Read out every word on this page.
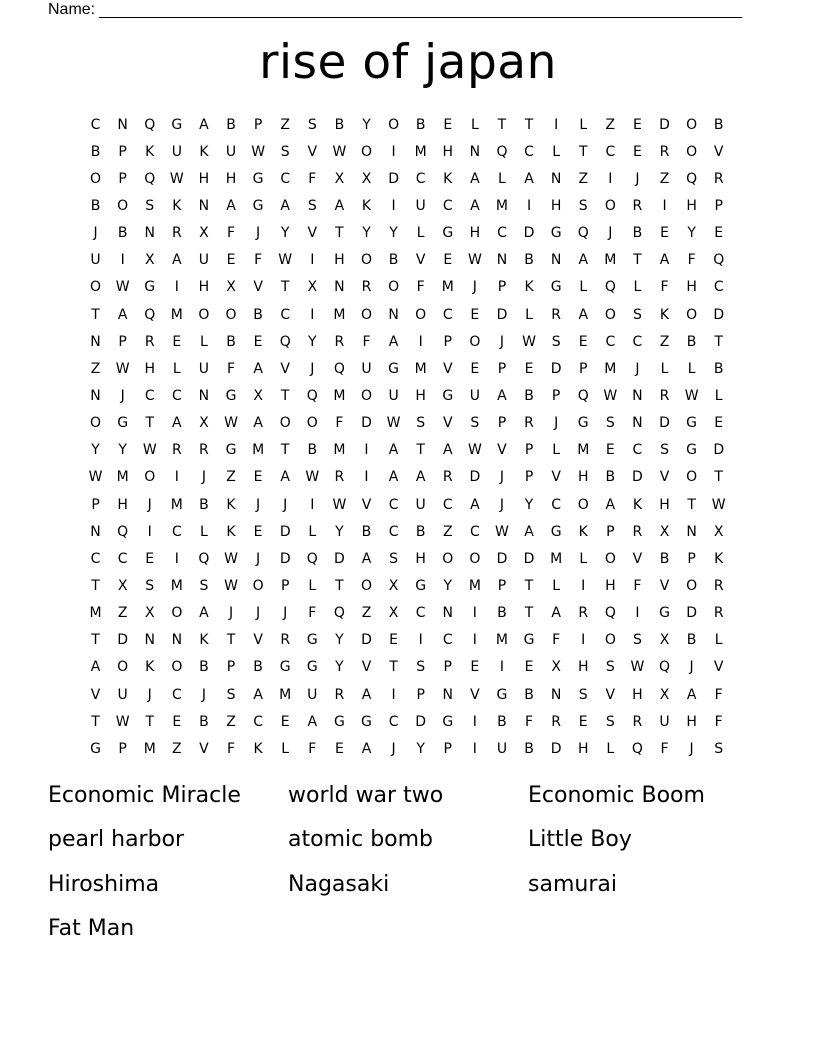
Name:
rise of japan
C	N	Q	G	A	B	P	Z	S	B	Y	O	B	E	L	T	T	I	L	Z	E	D	O	B
B	P	K	U	K	U	W	S	V	W	O	I	M	H	N	Q	C	L	T	C	E	R	O	V
O	P	Q	W	H	H	G	C	F	X	X	D	C	K	A	L	A	N	Z	I	J	Z	Q	R
B	O	S	K	N	A	G	A	S	A	K	I	U	C	A	M	I	H	S	O	R	I	H	P
J	B	N	R	X	F	J	Y	V	T	Y	Y	L	G	H	C	D	G	Q	J	B	E	Y	E
U	I	X	A	U	E	F	W	I	H	O	B	V	E	W	N	B	N	A	M	T	A	F	Q
O	W	G	I	H	X	V	T	X	N	R	O	F	M	J	P	K	G	L	Q	L	F	H	C
T	A	Q	M	O	O	B	C	I	M	O	N	O	C	E	D	L	R	A	O	S	K	O	D
N	P	R	E	L	B	E	Q	Y	R	F	A	I	P	O	J	W	S	E	C	C	Z	B	T
Z	W	H	L	U	F	A	V	J	Q	U	G	M	V	E	P	E	D	P	M	J	L	L	B
N	J	C	C	N	G	X	T	Q	M	O	U	H	G	U	A	B	P	Q	W	N	R	W	L
O	G	T	A	X	W	A	O	O	F	D	W	S	V	S	P	R	J	G	S	N	D	G	E
Y	Y	W	R	R	G	M	T	B	M	I	A	T	A	W	V	P	L	M	E	C	S	G	D
W	M	O	I	J	Z	E	A	W	R	I	A	A	R	D	J	P	V	H	B	D	V	O	T
P	H	J	M	B	K	J	J	I	W	V	C	U	C	A	J	Y	C	O	A	K	H	T	W
N	Q	I	C	L	K	E	D	L	Y	B	C	B	Z	C	W	A	G	K	P	R	X	N	X
C	C	E	I	Q	W	J	D	Q	D	A	S	H	O	O	D	D	M	L	O	V	B	P	K
T	X	S	M	S	W	O	P	L	T	O	X	G	Y	M	P	T	L	I	H	F	V	O	R
M	Z	X	O	A	J	J	J	F	Q	Z	X	C	N	I	B	T	A	R	Q	I	G	D	R
T	D	N	N	K	T	V	R	G	Y	D	E	I	C	I	M	G	F	I	O	S	X	B	L
A	O	K	O	B	P	B	G	G	Y	V	T	S	P	E	I	E	X	H	S	W	Q	J	V
V	U	J	C	J	S	A	M	U	R	A	I	P	N	V	G	B	N	S	V	H	X	A	F
T	W	T	E	B	Z	C	E	A	G	G	C	D	G	I	B	F	R	E	S	R	U	H	F
G	P	M	Z	V	F	K	L	F	E	A	J	Y	P	I	U	B	D	H	L	Q	F	J	S
Economic Miracle	world war two	Economic Boom
pearl harbor	atomic bomb	Little Boy
Hiroshima	Nagasaki	samurai
Fat Man
